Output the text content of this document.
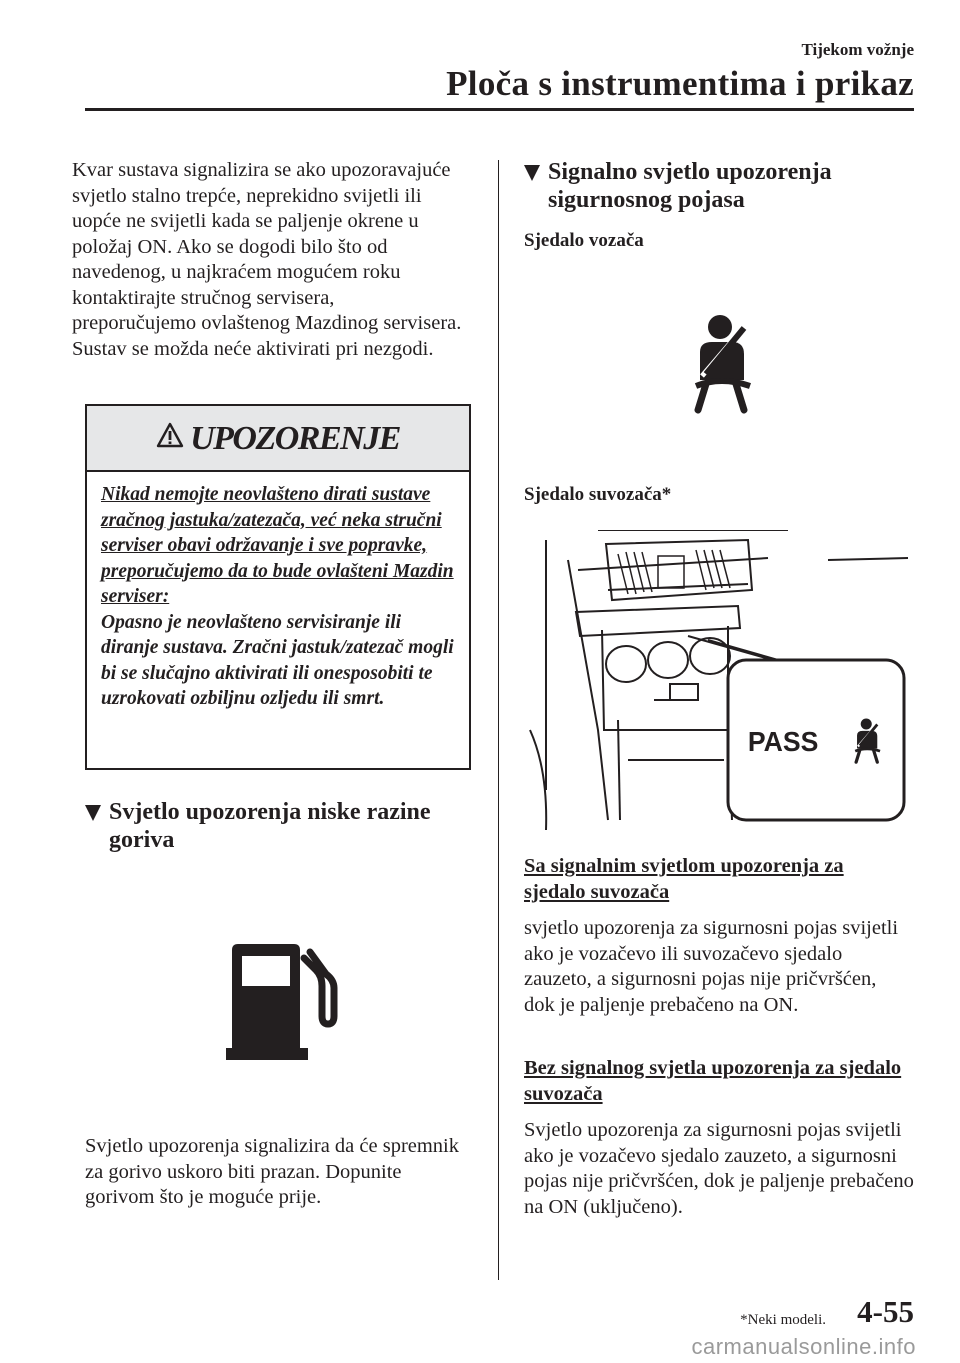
Tijekom vožnje
Ploča s instrumentima i prikaz

Kvar sustava signalizira se ako upozoravajuće svjetlo stalno trepće, neprekidno svijetli ili uopće ne svijetli kada se paljenje okrene u položaj ON. Ako se dogodi bilo što od navedenog, u najkraćem mogućem roku kontaktirajte stručnog servisera, preporučujemo ovlaštenog Mazdinog servisera. Sustav se možda neće aktivirati pri nezgodi.

UPOZORENJE
Nikad nemojte neovlašteno dirati sustave zračnog jastuka/zatezača, već neka stručni serviser obavi održavanje i sve popravke, preporučujemo da to bude ovlašteni Mazdin serviser:
Opasno je neovlašteno servisiranje ili diranje sustava. Zračni jastuk/zatezač mogli bi se slučajno aktivirati ili onesposobiti te uzrokovati ozbiljnu ozljedu ili smrt.
Svjetlo upozorenja niske razine goriva

Svjetlo upozorenja signalizira da će spremnik za gorivo uskoro biti prazan. Dopunite gorivom što je moguće prije.

Signalno svjetlo upozorenja sigurnosnog pojasa
Sjedalo vozača
Sjedalo suvozača*
PASS

Sa signalnim svjetlom upozorenja za sjedalo suvozača

svjetlo upozorenja za sigurnosni pojas svijetli ako je vozačevo ili suvozačevo sjedalo zauzeto, a sigurnosni pojas nije pričvršćen, dok je paljenje prebačeno na ON.

Bez signalnog svjetla upozorenja za sjedalo suvozača

Svjetlo upozorenja za sigurnosni pojas svijetli ako je vozačevo sjedalo zauzeto, a sigurnosni pojas nije pričvršćen, dok je paljenje prebačeno na ON (uključeno).

*Neki modeli. 4-55
carmanualsonline.info
